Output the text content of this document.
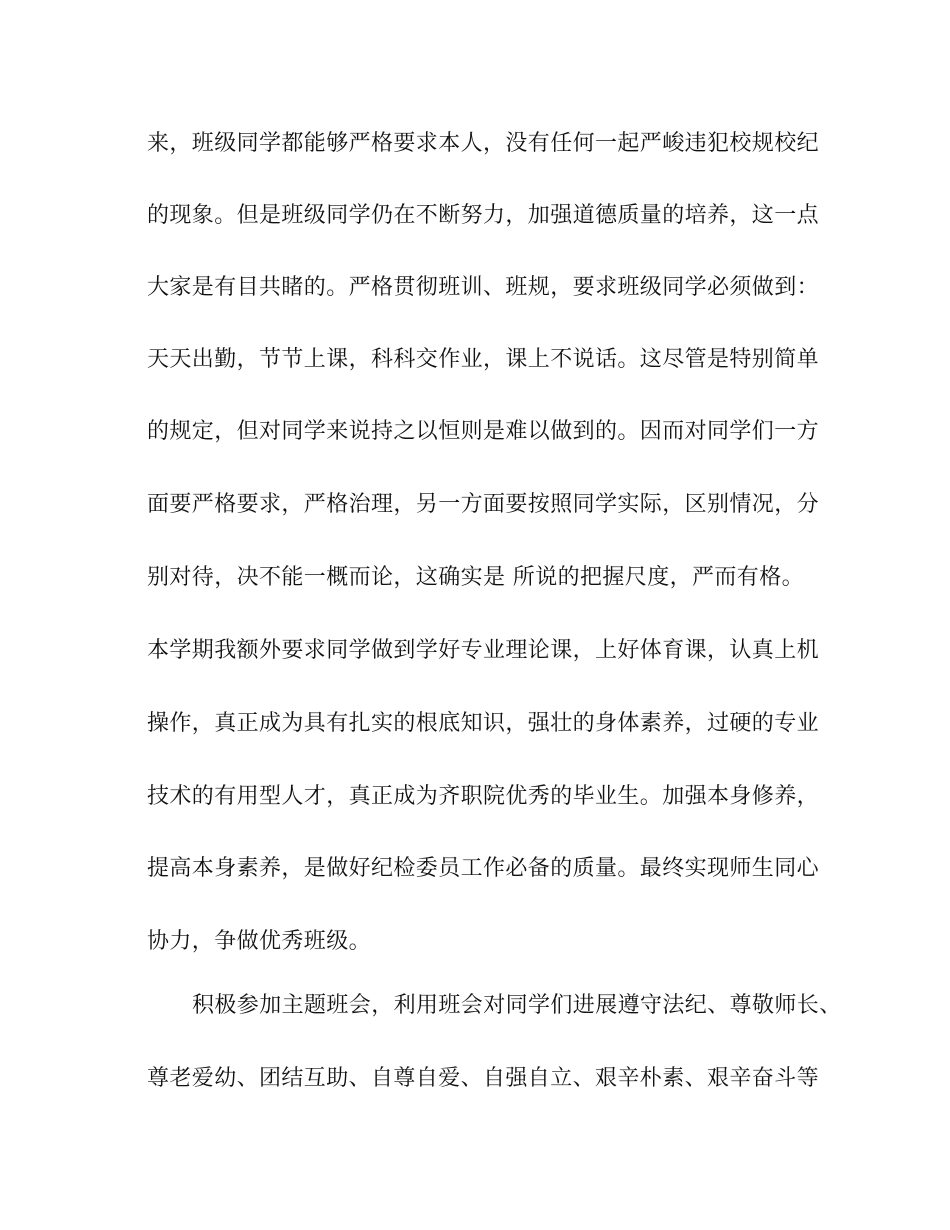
来，班级同学都能够严格要求本人，没有任何一起严峻违犯校规校纪
的现象。但是班级同学仍在不断努力，加强道德质量的培养，这一点
大家是有目共睹的。严格贯彻班训、班规，要求班级同学必须做到：
天天出勤，节节上课，科科交作业，课上不说话。这尽管是特别简单
的规定，但对同学来说持之以恒则是难以做到的。因而对同学们一方
面要严格要求，严格治理，另一方面要按照同学实际，区别情况，分
别对待，决不能一概而论，这确实是 所说的把握尺度，严而有格。
本学期我额外要求同学做到学好专业理论课，上好体育课，认真上机
操作，真正成为具有扎实的根底知识，强壮的身体素养，过硬的专业
技术的有用型人才，真正成为齐职院优秀的毕业生。加强本身修养，
提高本身素养，是做好纪检委员工作必备的质量。最终实现师生同心
协力，争做优秀班级。
积极参加主题班会，利用班会对同学们进展遵守法纪、尊敬师长、
尊老爱幼、团结互助、自尊自爱、自强自立、艰辛朴素、艰辛奋斗等
